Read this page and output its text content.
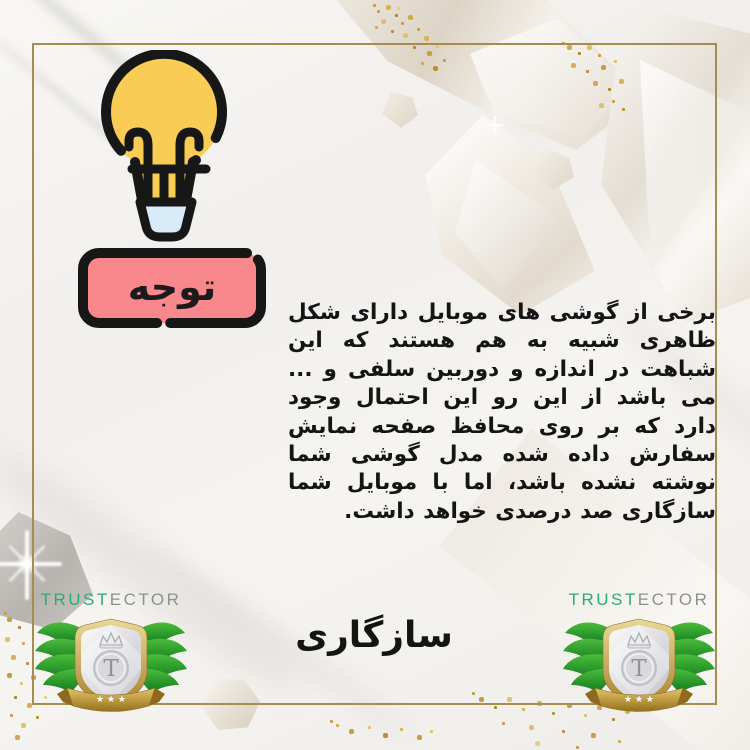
توجه

برخی از گوشی های موبایل دارای شکل ظاهری شبیه به هم هستند که این شباهت در اندازه و دوربین سلفی و ... می باشد از این رو این احتمال وجود دارد که بر روی محافظ صفحه نمایش سفارش داده شده مدل گوشی شما نوشته نشده باشد، اما با موبایل شما سازگاری صد درصدی خواهد داشت.

سازگاری
TRUSTECTOR
T
★ ★ ★
TRUSTECTOR
T
★ ★ ★
